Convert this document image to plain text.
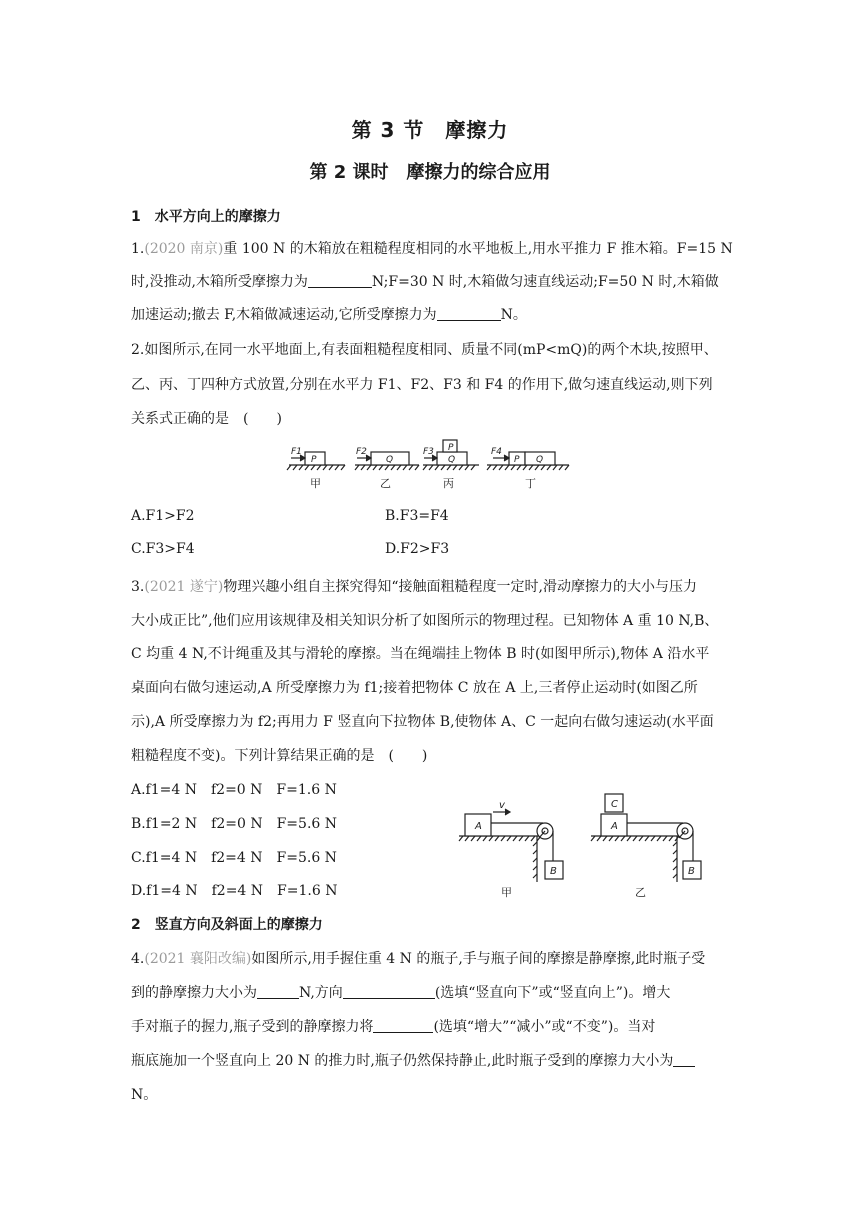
第 3 节　摩擦力
第 2 课时　摩擦力的综合应用
1　水平方向上的摩擦力
1.(2020 南京)重 100 N 的木箱放在粗糙程度相同的水平地板上,用水平推力 F 推木箱。F=15 N
时,没推动,木箱所受摩擦力为	N;F=30 N 时,木箱做匀速直线运动;F=50 N 时,木箱做
加速运动;撤去 F,木箱做减速运动,它所受摩擦力为	N。
2.如图所示,在同一水平地面上,有表面粗糙程度相同、质量不同(mP<mQ)的两个木块,按照甲、
乙、丙、丁四种方式放置,分别在水平力 F1、F2、F3 和 F4 的作用下,做匀速直线运动,则下列
关系式正确的是　(　　)
F1
P
F2
Q
F3 P
Q
F4
P Q
甲	乙	丙	丁
A.F1>F2	B.F3=F4
C.F3>F4	D.F2>F3
3.(2021 遂宁)物理兴趣小组自主探究得知“接触面粗糙程度一定时,滑动摩擦力的大小与压力
大小成正比”,他们应用该规律及相关知识分析了如图所示的物理过程。已知物体 A 重 10 N,B、
C 均重 4 N,不计绳重及其与滑轮的摩擦。当在绳端挂上物体 B 时(如图甲所示),物体 A 沿水平
桌面向右做匀速运动,A 所受摩擦力为 f1;接着把物体 C 放在 A 上,三者停止运动时(如图乙所
示),A 所受摩擦力为 f2;再用力 F 竖直向下拉物体 B,使物体 A、C 一起向右做匀速运动(水平面
粗糙程度不变)。下列计算结果正确的是　(　　)
A.f1=4 N　f2=0 N　F=1.6 N
B.f1=2 N　f2=0 N　F=5.6 N
C.f1=4 N　f2=4 N　F=5.6 N
D.f1=4 N　f2=4 N　F=1.6 N
A
B
v
A
C
B
甲	乙
2　竖直方向及斜面上的摩擦力
4.(2021 襄阳改编)如图所示,用手握住重 4 N 的瓶子,手与瓶子间的摩擦是静摩擦,此时瓶子受
到的静摩擦力大小为	N,方向	(选填“竖直向下”或“竖直向上”)。增大
手对瓶子的握力,瓶子受到的静摩擦力将	(选填“增大”“减小”或“不变”)。当对
瓶底施加一个竖直向上 20 N 的推力时,瓶子仍然保持静止,此时瓶子受到的摩擦力大小为
N。
